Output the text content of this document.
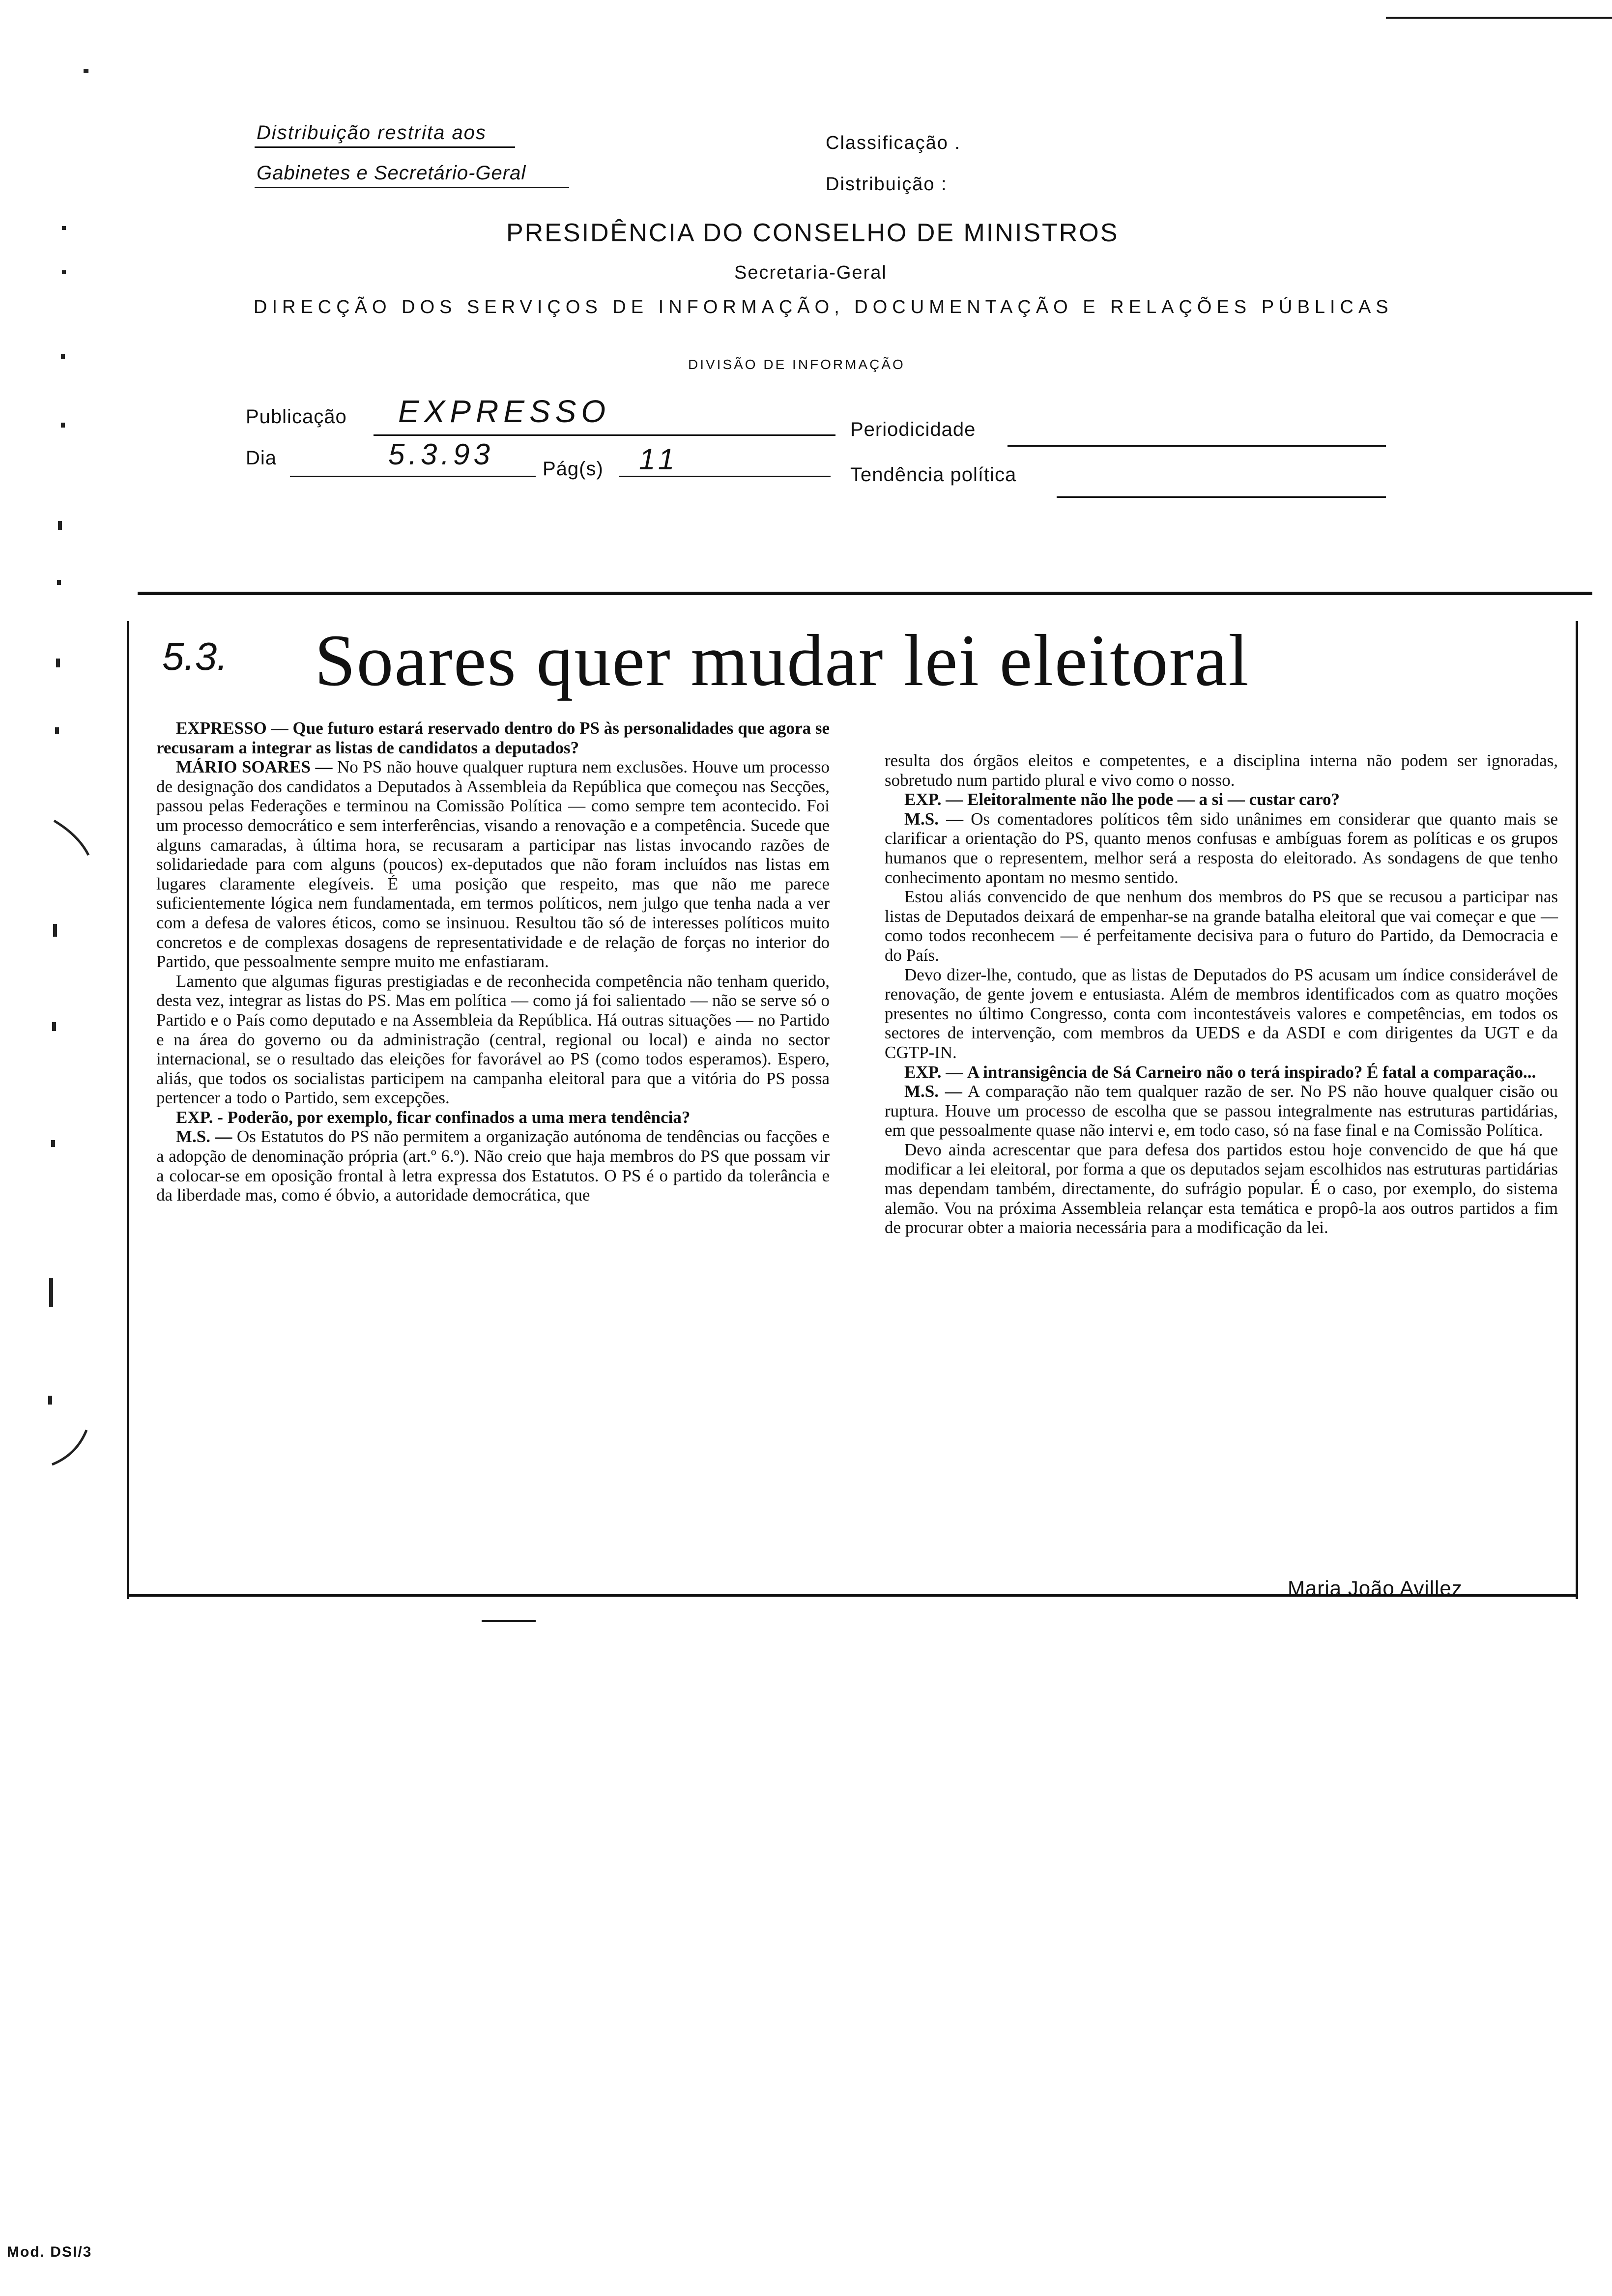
Distribuição restrita aos
Gabinetes e Secretário-Geral
Classificação .
Distribuição :
PRESIDÊNCIA DO CONSELHO DE MINISTROS
Secretaria-Geral
DIRECÇÃO DOS SERVIÇOS DE INFORMAÇÃO, DOCUMENTAÇÃO E RELAÇÕES PÚBLICAS
DIVISÃO DE INFORMAÇÃO
Publicação EXPRESSO
Periodicidade
Dia	5.3.93 Pág(s) 11	Tendência política
5.3. Soares quer mudar lei eleitoral

EXPRESSO — Que futuro estará reservado dentro do PS às personalidades que agora se recusaram a integrar as listas de candidatos a deputados?

MÁRIO SOARES — No PS não houve qualquer ruptura nem exclusões. Houve um processo de designação dos candidatos a Deputados à Assembleia da República que começou nas Secções, passou pelas Federações e terminou na Comissão Política — como sempre tem acontecido. Foi um processo democrático e sem interferências, visando a renovação e a competência. Sucede que alguns camaradas, à última hora, se recusaram a participar nas listas invocando razões de solidariedade para com alguns (poucos) ex-deputados que não foram incluídos nas listas em lugares claramente elegíveis. É uma posição que respeito, mas que não me parece suficientemente lógica nem fundamentada, em termos políticos, nem julgo que tenha nada a ver com a defesa de valores éticos, como se insinuou. Resultou tão só de interesses políticos muito concretos e de complexas dosagens de representatividade e de relação de forças no interior do Partido, que pessoalmente sempre muito me enfastiaram.

Lamento que algumas figuras prestigiadas e de reconhecida competência não tenham querido, desta vez, integrar as listas do PS. Mas em política — como já foi salientado — não se serve só o Partido e o País como deputado e na Assembleia da República. Há outras situações — no Partido e na área do governo ou da administração (central, regional ou local) e ainda no sector internacional, se o resultado das eleições for favorável ao PS (como todos esperamos). Espero, aliás, que todos os socialistas participem na campanha eleitoral para que a vitória do PS possa pertencer a todo o Partido, sem excepções.

EXP. - Poderão, por exemplo, ficar confinados a uma mera tendência?

M.S. — Os Estatutos do PS não permitem a organização autónoma de tendências ou facções e a adopção de denominação própria (art.º 6.º). Não creio que haja membros do PS que possam vir a colocar-se em oposição frontal à letra expressa dos Estatutos. O PS é o partido da tolerância e da liberdade mas, como é óbvio, a autoridade democrática, que

resulta dos órgãos eleitos e competentes, e a disciplina interna não podem ser ignoradas, sobretudo num partido plural e vivo como o nosso.

EXP. — Eleitoralmente não lhe pode — a si — custar caro?

M.S. — Os comentadores políticos têm sido unânimes em considerar que quanto mais se clarificar a orientação do PS, quanto menos confusas e ambíguas forem as políticas e os grupos humanos que o representem, melhor será a resposta do eleitorado. As sondagens de que tenho conhecimento apontam no mesmo sentido.

Estou aliás convencido de que nenhum dos membros do PS que se recusou a participar nas listas de Deputados deixará de empenhar-se na grande batalha eleitoral que vai começar e que — como todos reconhecem — é perfeitamente decisiva para o futuro do Partido, da Democracia e do País.

Devo dizer-lhe, contudo, que as listas de Deputados do PS acusam um índice considerável de renovação, de gente jovem e entusiasta. Além de membros identificados com as quatro moções presentes no último Congresso, conta com incontestáveis valores e competências, em todos os sectores de intervenção, com membros da UEDS e da ASDI e com dirigentes da UGT e da CGTP-IN.

EXP. — A intransigência de Sá Carneiro não o terá inspirado? É fatal a comparação...

M.S. — A comparação não tem qualquer razão de ser. No PS não houve qualquer cisão ou ruptura. Houve um processo de escolha que se passou integralmente nas estruturas partidárias, em que pessoalmente quase não intervi e, em todo caso, só na fase final e na Comissão Política.

Devo ainda acrescentar que para defesa dos partidos estou hoje convencido de que há que modificar a lei eleitoral, por forma a que os deputados sejam escolhidos nas estruturas partidárias mas dependam também, directamente, do sufrágio popular. É o caso, por exemplo, do sistema alemão. Vou na próxima Assembleia relançar esta temática e propô-la aos outros partidos a fim de procurar obter a maioria necessária para a modificação da lei.

Maria João Avillez
Mod. DSI/3
